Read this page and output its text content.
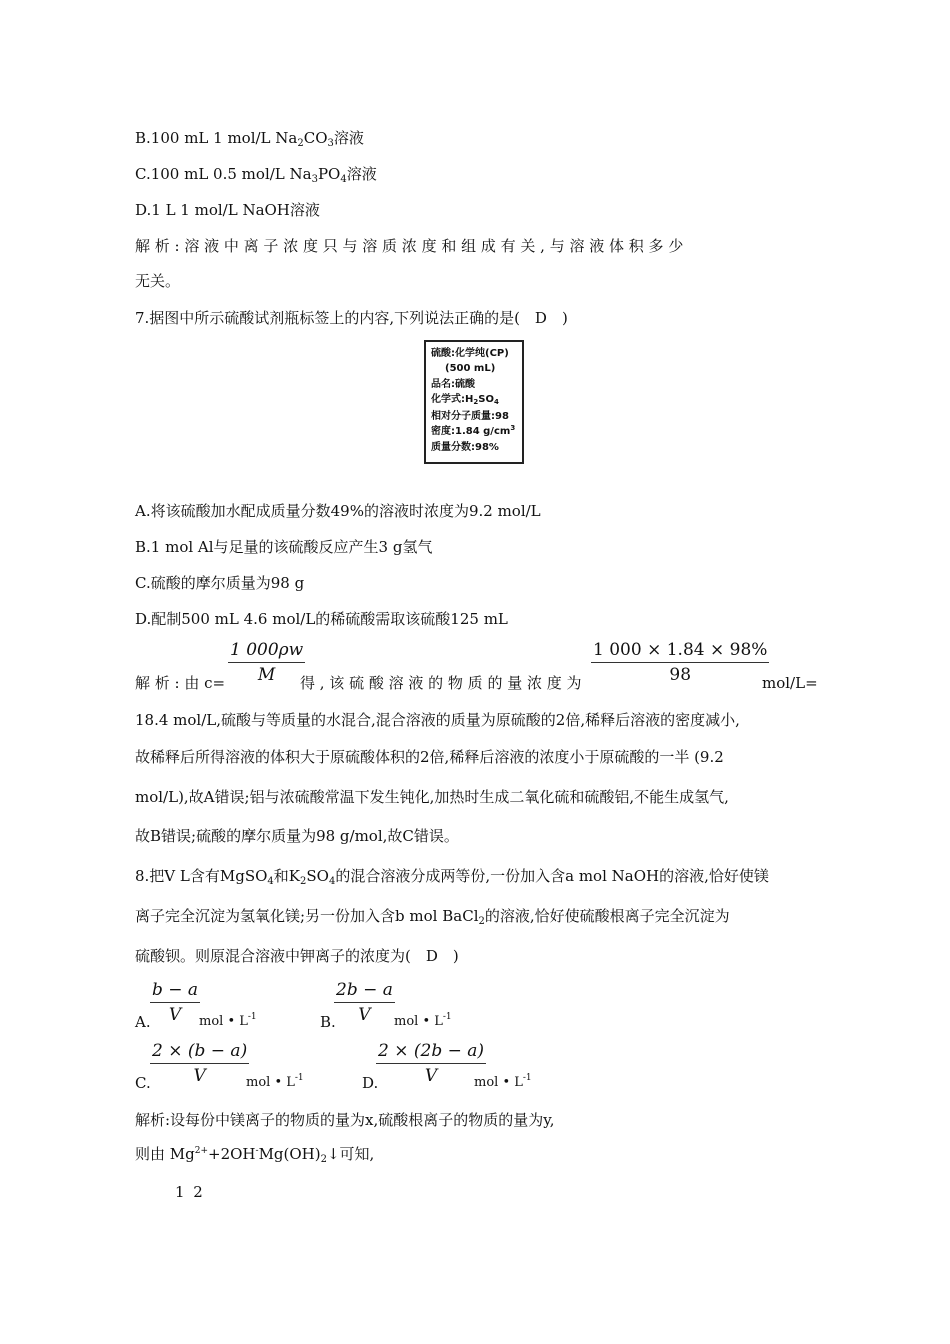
B.100 mL 1 mol/L $Na_2CO_3$溶液
C.100 mL 0.5 mol/L $Na_3PO_4$溶液
D.1 L 1 mol/L NaOH溶液
解 析 : 溶 液 中 离 子 浓 度 只 与 溶 质 浓 度 和 组 成 有 关 , 与 溶 液 体 积 多 少
无关。
7.据图中所示硫酸试剂瓶标签上的内容,下列说法正确的是(　D　)
硫酸:化学纯(CP)
(500 mL)
品名:硫酸
化学式$:H_2SO_4$
相对分子质量:98
密度:1.84 $g/cm^3$
质量分数:98%
A.将该硫酸加水配成质量分数49%的溶液时浓度为9.2 mol/L
B.1 mol Al与足量的该硫酸反应产生3 g氢气
C.硫酸的摩尔质量为98 g
D.配制500 mL 4.6 mol/L的稀硫酸需取该硫酸125 mL
解 析 : 由 $c= \frac{1 000\rho w}{M}$
得 , 该 硫 酸 溶 液 的 物 质 的 量 浓 度 为 $\frac{1 000 \times 1.84 \times 98\%}{98}$
mol/L=
18.4 mol/L,硫酸与等质量的水混合,混合溶液的质量为原硫酸的2倍,稀释后溶液的密度减小,
故稀释后所得溶液的体积大于原硫酸体积的2倍,稀释后溶液的浓度小于原硫酸的一半 (9.2
mol/L),故A错误;铝与浓硫酸常温下发生钝化,加热时生成二氧化硫和硫酸铝,不能生成氢气,
故B错误;硫酸的摩尔质量为98 g/mol,故C错误。
8.把V L含有MgSO$_4$和$K_2SO_4$的混合溶液分成两等份,一份加入含a mol NaOH的溶液,恰好使镁
离子完全沉淀为氢氧化镁;另一份加入含b mol BaCl$_2$的溶液,恰好使硫酸根离子完全沉淀为
硫酸钡。则原混合溶液中钾离子的浓度为(　D　)
A. $\frac{b - a}{V}$
mol • $L^{-1}$	B.
$\frac{2b - a}{V}$ mol • $L^{-1}$
C. $\frac{2 \times (b - a)}{V}$
mol • $L^{-1}$	D.
$\frac{2 \times (2b - a)}{V}$
mol • $L^{-1}$
解析:设每份中镁离子的物质的量为x,硫酸根离子的物质的量为y,
则由 $Mg^{2+}+2OH^-Mg(OH)_2↓$可知,
1 2
